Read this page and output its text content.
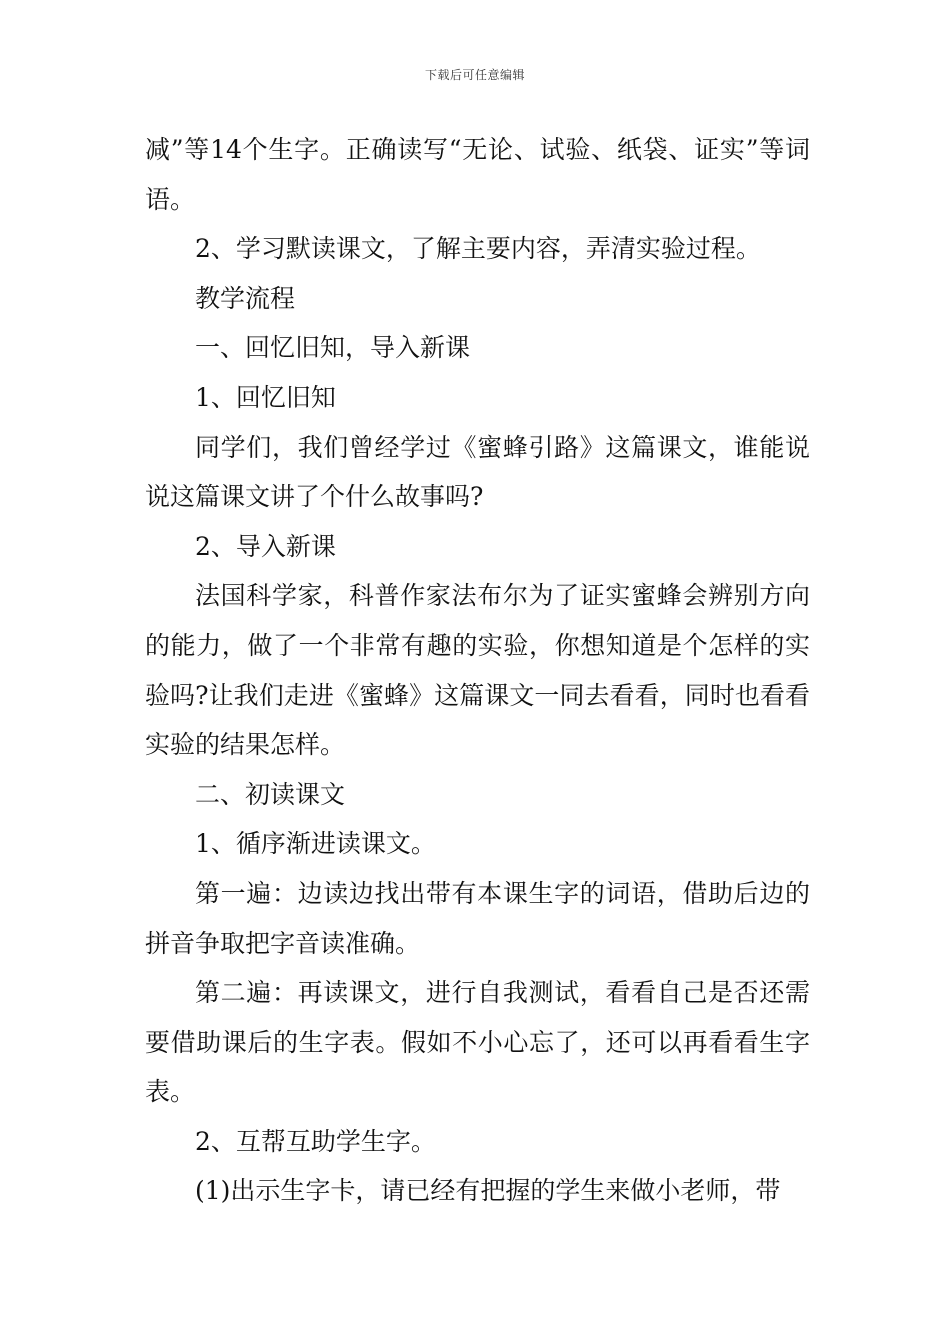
下载后可任意编辑

减”等14个生字。正确读写“无论、试验、纸袋、证实”等词语。

2、学习默读课文，了解主要内容，弄清实验过程。

教学流程

一、回忆旧知，导入新课

1、回忆旧知

同学们，我们曾经学过《蜜蜂引路》这篇课文，谁能说说这篇课文讲了个什么故事吗?

2、导入新课

法国科学家，科普作家法布尔为了证实蜜蜂会辨别方向的能力，做了一个非常有趣的实验，你想知道是个怎样的实验吗?让我们走进《蜜蜂》这篇课文一同去看看，同时也看看实验的结果怎样。

二、初读课文

1、循序渐进读课文。

第一遍：边读边找出带有本课生字的词语，借助后边的拼音争取把字音读准确。

第二遍：再读课文，进行自我测试，看看自己是否还需要借助课后的生字表。假如不小心忘了，还可以再看看生字表。

2、互帮互助学生字。

(1)出示生字卡，请已经有把握的学生来做小老师，带
